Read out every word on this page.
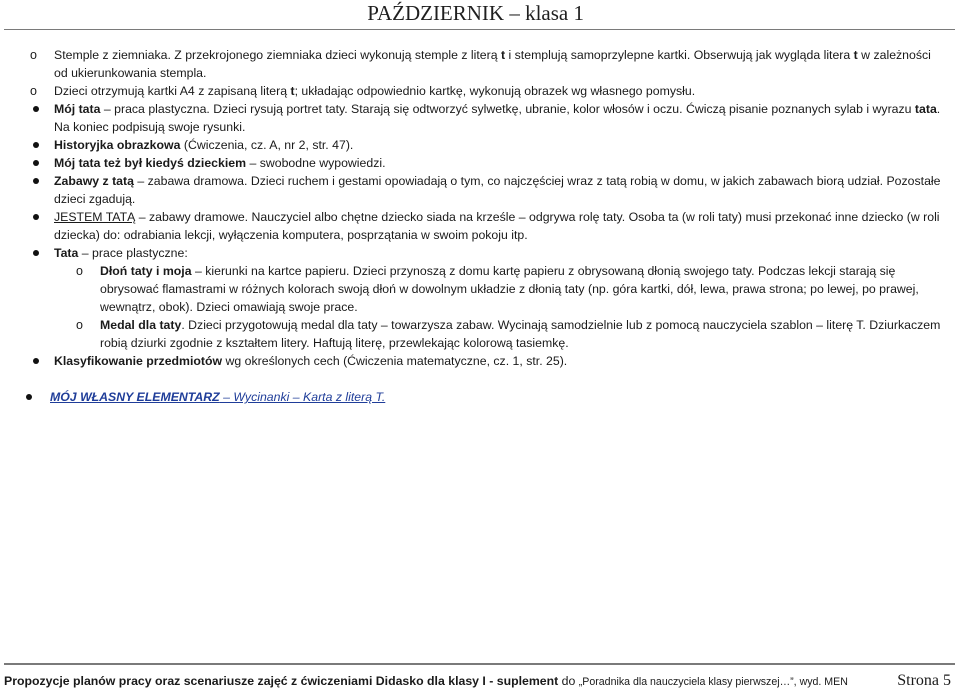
PAŹDZIERNIK – klasa 1
o Stemple z ziemniaka. Z przekrojonego ziemniaka dzieci wykonują stemple z literą t i stemplują samoprzylepne kartki. Obserwują jak wygląda litera t w zależności od ukierunkowania stempla.
o Dzieci otrzymują kartki A4 z zapisaną literą t; układając odpowiednio kartkę, wykonują obrazek wg własnego pomysłu.
Mój tata – praca plastyczna. Dzieci rysują portret taty. Starają się odtworzyć sylwetkę, ubranie, kolor włosów i oczu. Ćwiczą pisanie poznanych sylab i wyrazu tata. Na koniec podpisują swoje rysunki.
Historyjka obrazkowa (Ćwiczenia, cz. A, nr 2, str. 47).
Mój tata też był kiedyś dzieckiem – swobodne wypowiedzi.
Zabawy z tatą – zabawa dramowa. Dzieci ruchem i gestami opowiadają o tym, co najczęściej wraz z tatą robią w domu, w jakich zabawach biorą udział. Pozostałe dzieci zgadują.
JESTEM TATĄ – zabawy dramowe. Nauczyciel albo chętne dziecko siada na krześle – odgrywa rolę taty. Osoba ta (w roli taty) musi przekonać inne dziecko (w roli dziecka) do: odrabiania lekcji, wyłączenia komputera, posprzątania w swoim pokoju itp.
Tata – prace plastyczne:
o Dłoń taty i moja – kierunki na kartce papieru. Dzieci przynoszą z domu kartę papieru z obrysowaną dłonią swojego taty. Podczas lekcji starają się obrysować flamastrami w różnych kolorach swoją dłoń w dowolnym układzie z dłonią taty (np. górа kartki, dół, lewa, prawa strona; po lewej, po prawej, wewnątrz, obok). Dzieci omawiają swoje prace.
o Medal dla taty. Dzieci przygotowują medal dla taty – towarzysza zabaw. Wycinają samodzielnie lub z pomocą nauczyciela szablon – literę T. Dziurkaczem robią dziurki zgodnie z kształtem litery. Haftują literę, przewlekając kolorową tasiemkę.
Klasyfikowanie przedmiotów wg określonych cech (Ćwiczenia matematyczne, cz. 1, str. 25).
MÓJ WŁASNY ELEMENTARZ – Wycinanki – Karta z literą T.
Propozycje planów pracy oraz scenariusze zajęć z ćwiczeniami Didasko dla klasy I - suplement do „Poradnika dla nauczyciela klasy pierwszej…”, wyd. MEN	Strona 5
